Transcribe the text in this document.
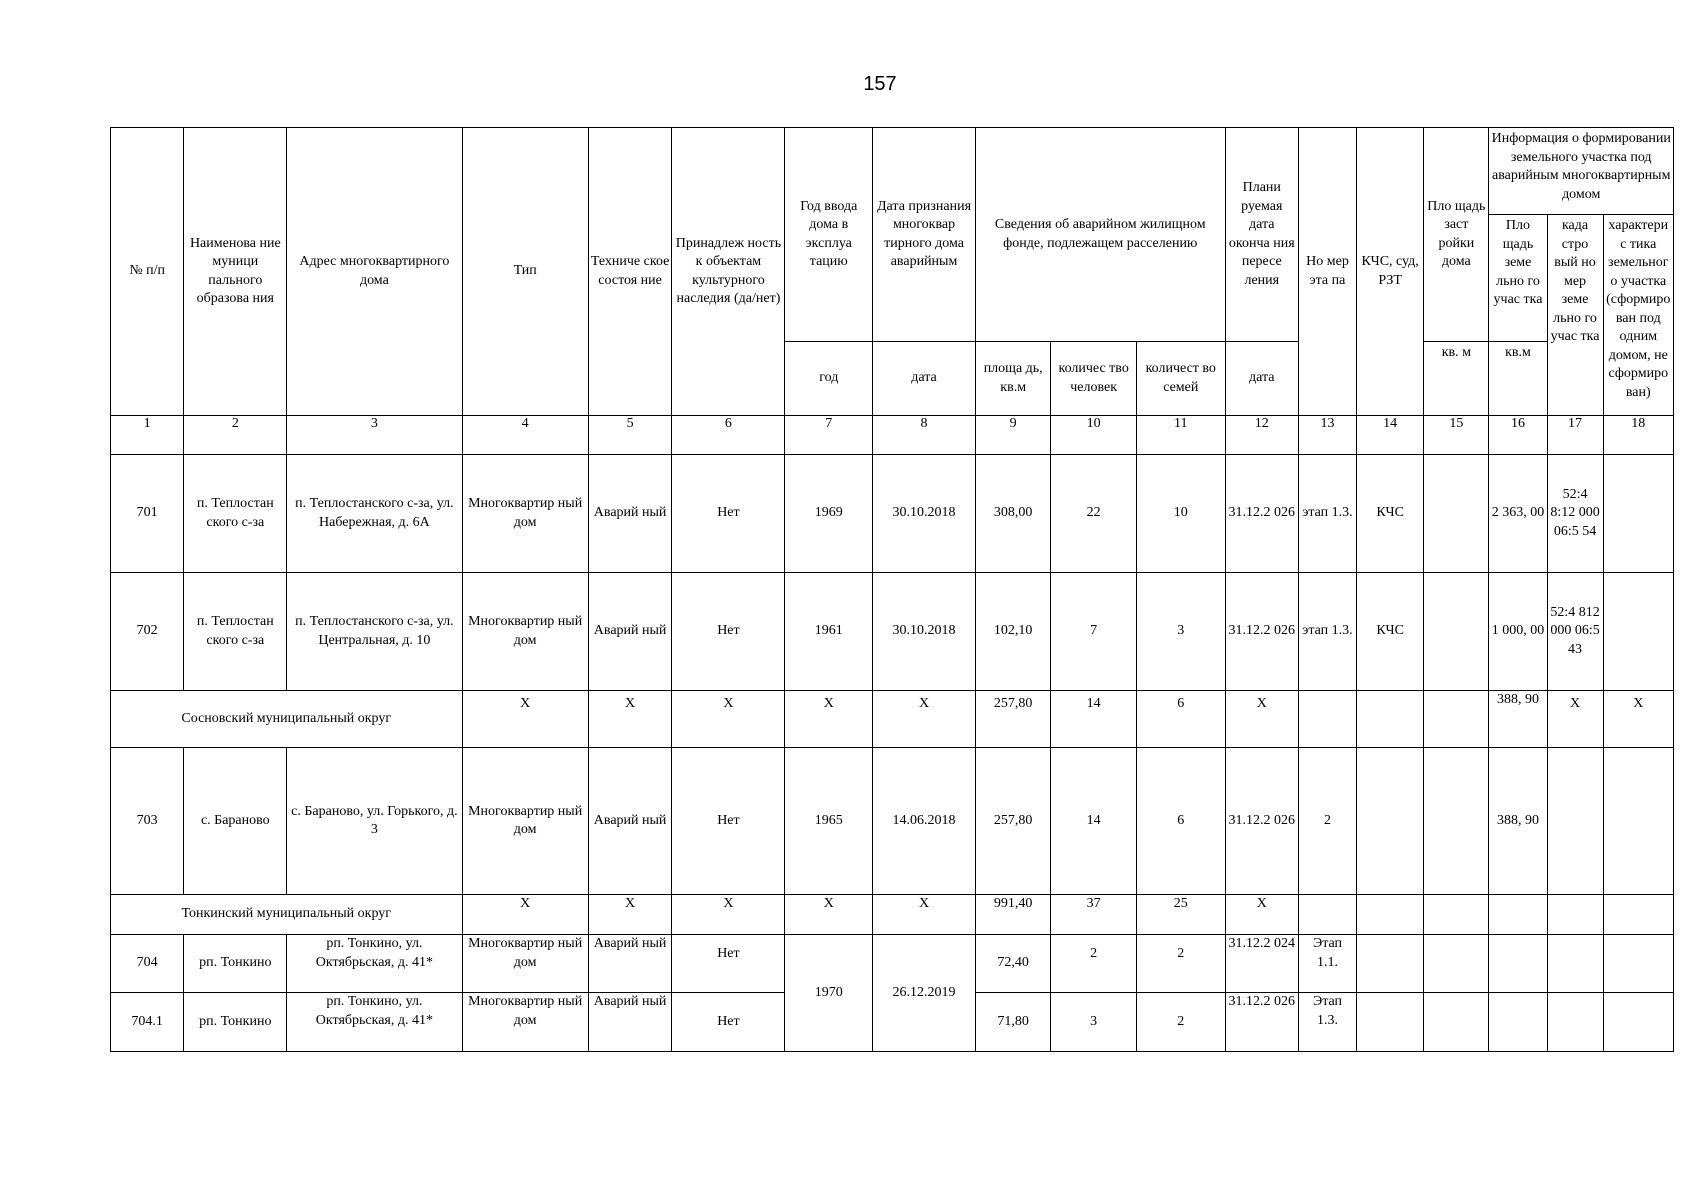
157
№ п/п	Наименова ние муници пального образова ния	Адрес многоквартирного дома	Тип	Техниче ское состоя ние	Принадлеж ность к объектам культурного наследия (да/нет)	Год ввода дома в эксплуа тацию	Дата признания многоквар тирного дома аварийным	Сведения об аварийном жилищном фонде, подлежащем расселению			Плани руемая дата оконча ния пересе ления	Но мер эта па	КЧС, суд, РЗТ	Пло щадь заст ройки дома	Информация о формировании земельного участка под аварийным многоквартирным домом		
															Пло щадь земе льно го учас тка	када стро вый но мер земе льно го учас тка	характерис тика земельного участка (сформиро ван под одним домом, не сформиро ван)
						год	дата	площа дь, кв.м	количес тво человек	количест во семей	дата			кв. м	кв.м		
1	2	3	4	5	6	7	8	9	10	11	12	13	14	15	16	17	18
701	п. Теплостан ского с-за	п. Теплостанского с-за, ул. Набережная, д. 6А	Многоквартир ный дом	Аварий ный	Нет	1969	30.10.2018	308,00	22	10	31.12.2 026	этап 1.3.	КЧС		2 363, 00	52:4 8:12 000 06:5 54	
702	п. Теплостан ского с-за	п. Теплостанского с-за, ул. Центральная, д. 10	Многоквартир ный дом	Аварий ный	Нет	1961	30.10.2018	102,10	7	3	31.12.2 026	этап 1.3.	КЧС		1 000, 00	52:4 812 000 06:5 43	
Сосновский муниципальный округ			X	X	X	X	X	257,80	14	6	X				388, 90	X	X
703	с. Бараново	с. Бараново, ул. Горького, д. 3	Многоквартир ный дом	Аварий ный	Нет	1965	14.06.2018	257,80	14	6	31.12.2 026	2			388, 90		
Тонкинский муниципальный округ			X	X	X	X	X	991,40	37	25	X						
704	рп. Тонкино	рп. Тонкино, ул. Октябрьская, д. 41*	Многоквартир ный дом	Аварий ный	Нет	1970	26.12.2019	72,40	2	2	31.12.2 024	Этап 1.1.					
704.1	рп. Тонкино	рп. Тонкино, ул. Октябрьская, д. 41*	Многоквартир ный дом	Аварий ный	Нет			71,80	3	2	31.12.2 026	Этап 1.3.					
